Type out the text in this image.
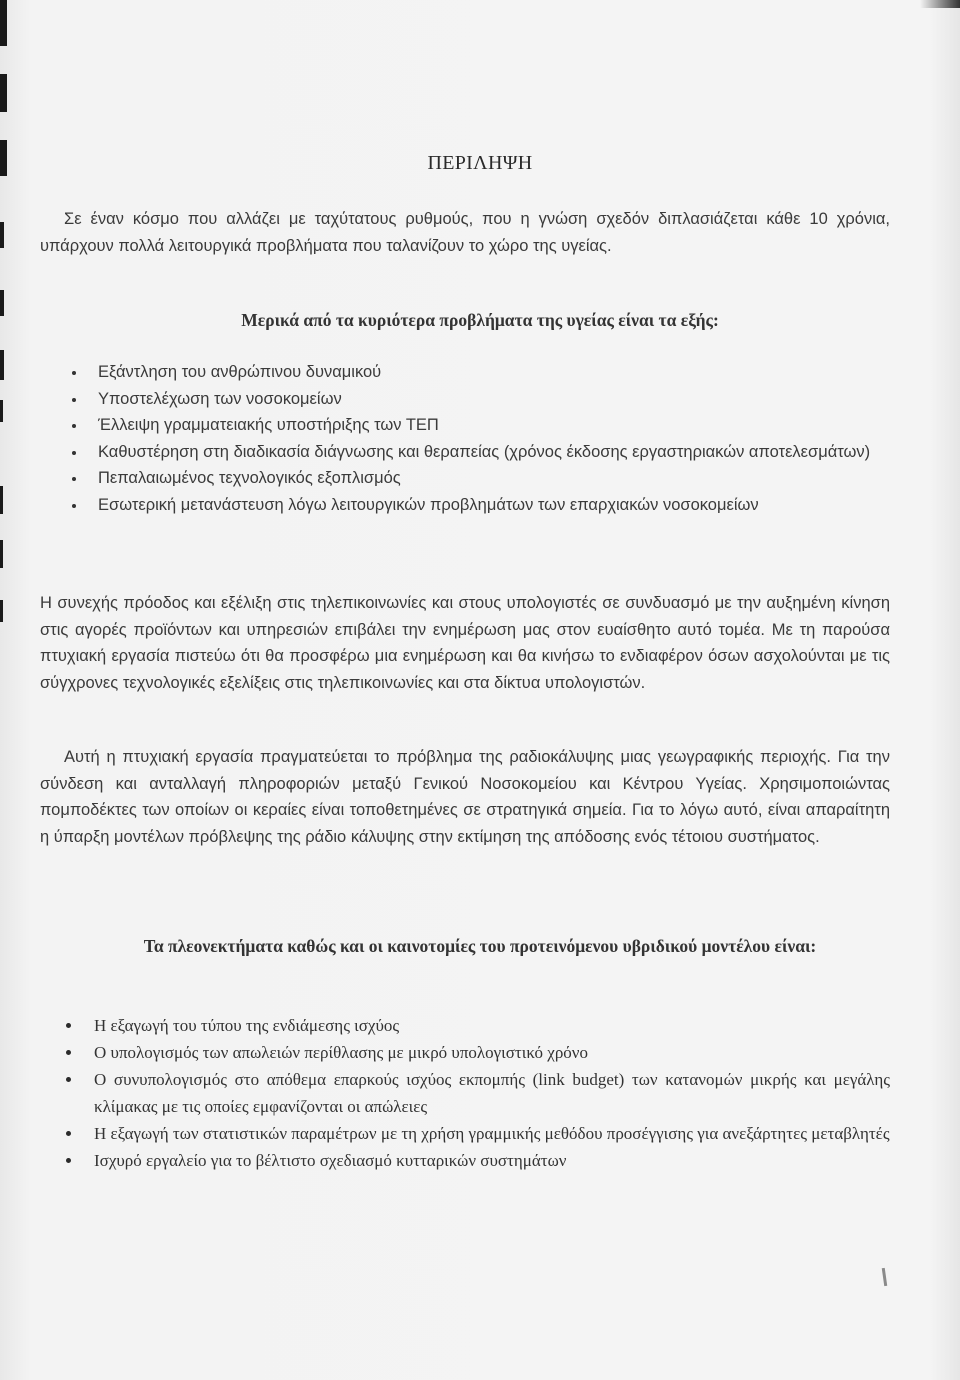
ΠΕΡΙΛΗΨΗ
Σε έναν κόσμο που αλλάζει με ταχύτατους ρυθμούς, που η γνώση σχεδόν διπλασιάζεται κάθε 10 χρόνια, υπάρχουν πολλά λειτουργικά προβλήματα που ταλανίζουν το χώρο της υγείας.
Μερικά από τα κυριότερα προβλήματα της υγείας είναι τα εξής:
Εξάντληση του ανθρώπινου δυναμικού
Υποστελέχωση των νοσοκομείων
Έλλειψη γραμματειακής υποστήριξης των ΤΕΠ
Καθυστέρηση στη διαδικασία διάγνωσης και θεραπείας (χρόνος έκδοσης εργαστηριακών αποτελεσμάτων)
Πεπαλαιωμένος τεχνολογικός εξοπλισμός
Εσωτερική μετανάστευση λόγω λειτουργικών προβλημάτων των επαρχιακών νοσοκομείων
Η συνεχής πρόοδος και εξέλιξη στις τηλεπικοινωνίες και στους υπολογιστές σε συνδυασμό με την αυξημένη κίνηση στις αγορές προϊόντων και υπηρεσιών επιβάλει την ενημέρωση μας στον ευαίσθητο αυτό τομέα. Με τη παρούσα πτυχιακή εργασία πιστεύω ότι θα προσφέρω μια ενημέρωση και θα κινήσω το ενδιαφέρον όσων ασχολούνται με τις σύγχρονες τεχνολογικές εξελίξεις στις τηλεπικοινωνίες και στα δίκτυα υπολογιστών.
Αυτή η πτυχιακή εργασία πραγματεύεται το πρόβλημα της ραδιοκάλυψης μιας γεωγραφικής περιοχής. Για την σύνδεση και ανταλλαγή πληροφοριών μεταξύ Γενικού Νοσοκομείου και Κέντρου Υγείας. Χρησιμοποιώντας πομποδέκτες των οποίων οι κεραίες είναι τοποθετημένες σε στρατηγικά σημεία. Για το λόγω αυτό, είναι απαραίτητη η ύπαρξη μοντέλων πρόβλεψης της ράδιο κάλυψης στην εκτίμηση της απόδοσης ενός τέτοιου συστήματος.
Τα πλεονεκτήματα καθώς και οι καινοτομίες του προτεινόμενου υβριδικού μοντέλου είναι:
Η εξαγωγή του τύπου της ενδιάμεσης ισχύος
Ο υπολογισμός των απωλειών περίθλασης με μικρό υπολογιστικό χρόνο
Ο συνυπολογισμός στο απόθεμα επαρκούς ισχύος εκπομπής (link budget) των κατανομών μικρής και μεγάλης κλίμακας με τις οποίες εμφανίζονται οι απώλειες
Η εξαγωγή των στατιστικών παραμέτρων με τη χρήση γραμμικής μεθόδου προσέγγισης για ανεξάρτητες μεταβλητές
Ισχυρό εργαλείο για το βέλτιστο σχεδιασμό κυτταρικών συστημάτων
